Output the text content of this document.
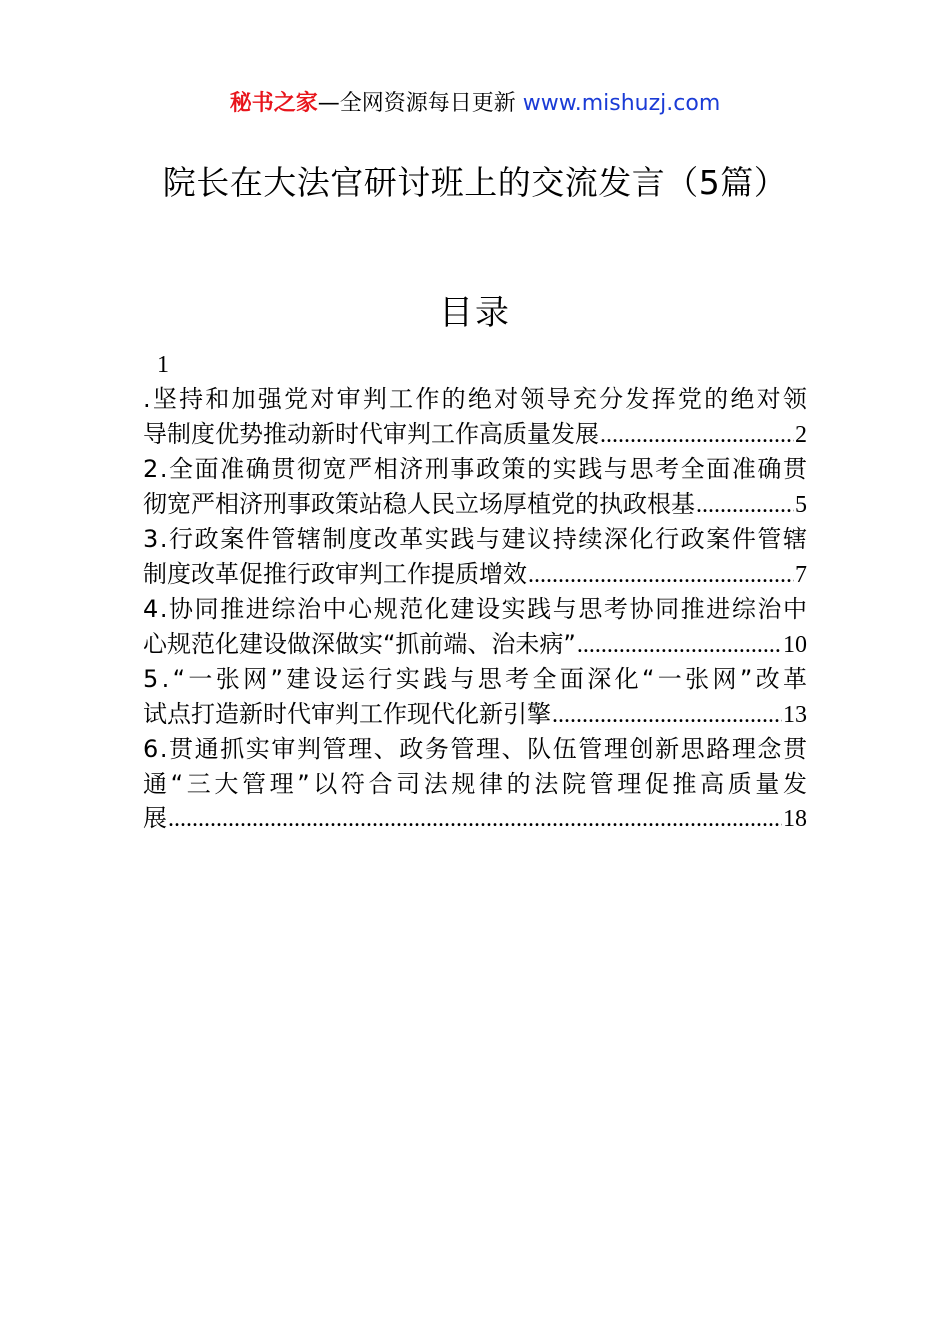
秘书之家—全网资源每日更新 www.mishuzj.com
院长在大法官研讨班上的交流发言（5篇）
目录
1
.坚持和加强党对审判工作的绝对领导充分发挥党的绝对领
导制度优势推动新时代审判工作高质量发展 .....	2
2.全面准确贯彻宽严相济刑事政策的实践与思考全面准确贯
彻宽严相济刑事政策站稳人民立场厚植党的执政根基 .....	5
3.行政案件管辖制度改革实践与建议持续深化行政案件管辖
制度改革促推行政审判工作提质增效 .....	7
4.协同推进综治中心规范化建设实践与思考协同推进综治中
心规范化建设做深做实“抓前端、治未病” .....	10
5.“一张网”建设运行实践与思考全面深化“一张网”改革
试点打造新时代审判工作现代化新引擎 .....	13
6.贯通抓实审判管理、政务管理、队伍管理创新思路理念贯
通“三大管理”以符合司法规律的法院管理促推高质量发
展 .....	18
